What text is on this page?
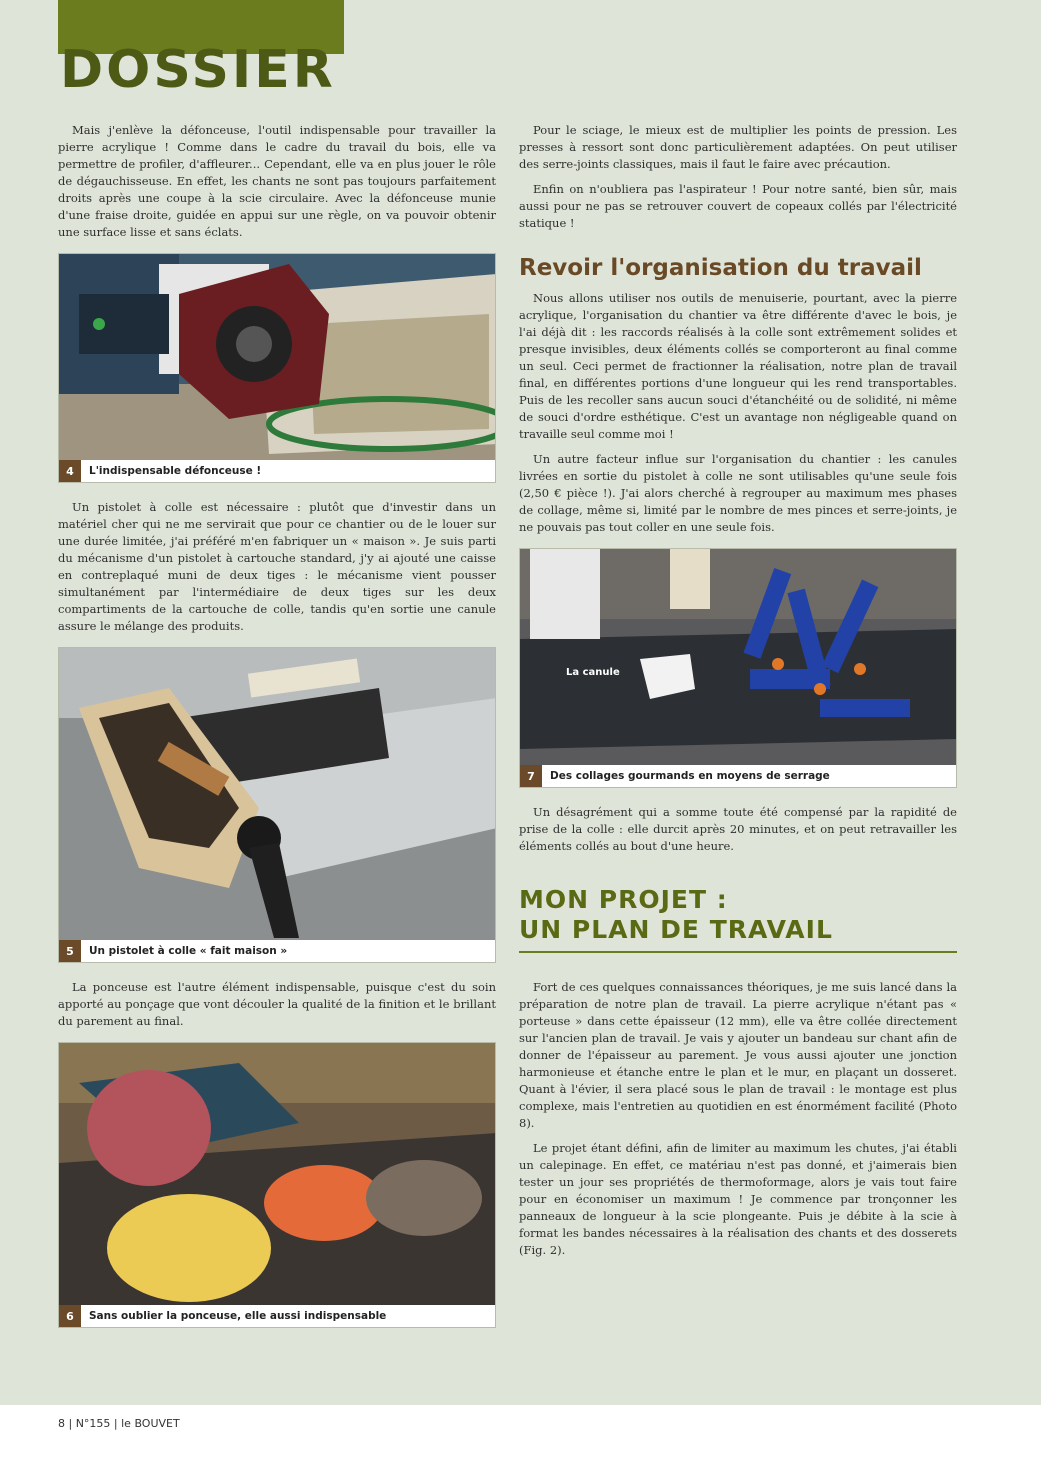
DOSSIER

Mais j'enlève la défonceuse, l'outil indispensable pour travailler la pierre acrylique ! Comme dans le cadre du travail du bois, elle va permettre de profiler, d'affleurer... Cependant, elle va en plus jouer le rôle de dégauchisseuse. En effet, les chants ne sont pas toujours parfaitement droits après une coupe à la scie circulaire. Avec la défonceuse munie d'une fraise droite, guidée en appui sur une règle, on va pouvoir obtenir une surface lisse et sans éclats.

4	L'indispensable défonceuse !

Un pistolet à colle est nécessaire : plutôt que d'investir dans un matériel cher qui ne me servirait que pour ce chantier ou de le louer sur une durée limitée, j'ai préféré m'en fabriquer un « maison ». Je suis parti du mécanisme d'un pistolet à cartouche standard, j'y ai ajouté une caisse en contreplaqué muni de deux tiges : le mécanisme vient pousser simultanément par l'intermédiaire de deux tiges sur les deux compartiments de la cartouche de colle, tandis qu'en sortie une canule assure le mélange des produits.

5	Un pistolet à colle « fait maison »

La ponceuse est l'autre élément indispensable, puisque c'est du soin apporté au ponçage que vont découler la qualité de la finition et le brillant du parement au final.

6	Sans oublier la ponceuse, elle aussi indispensable

Pour le sciage, le mieux est de multiplier les points de pression. Les presses à ressort sont donc particulièrement adaptées. On peut utiliser des serre-joints classiques, mais il faut le faire avec précaution.

Enfin on n'oubliera pas l'aspirateur ! Pour notre santé, bien sûr, mais aussi pour ne pas se retrouver couvert de copeaux collés par l'électricité statique !

Revoir l'organisation du travail

Nous allons utiliser nos outils de menuiserie, pourtant, avec la pierre acrylique, l'organisation du chantier va être différente d'avec le bois, je l'ai déjà dit : les raccords réalisés à la colle sont extrêmement solides et presque invisibles, deux éléments collés se comporteront au final comme un seul. Ceci permet de fractionner la réalisation, notre plan de travail final, en différentes portions d'une longueur qui les rend transportables. Puis de les recoller sans aucun souci d'étanchéité ou de solidité, ni même de souci d'ordre esthétique. C'est un avantage non négligeable quand on travaille seul comme moi !

Un autre facteur influe sur l'organisation du chantier : les canules livrées en sortie du pistolet à colle ne sont utilisables qu'une seule fois (2,50 € pièce !). J'ai alors cherché à regrouper au maximum mes phases de collage, même si, limité par le nombre de mes pinces et serre-joints, je ne pouvais pas tout coller en une seule fois.

La canule
7	Des collages gourmands en moyens de serrage

Un désagrément qui a somme toute été compensé par la rapidité de prise de la colle : elle durcit après 20 minutes, et on peut retravailler les éléments collés au bout d'une heure.

MON PROJET :
UN PLAN DE TRAVAIL

Fort de ces quelques connaissances théoriques, je me suis lancé dans la préparation de notre plan de travail. La pierre acrylique n'étant pas « porteuse » dans cette épaisseur (12 mm), elle va être collée directement sur l'ancien plan de travail. Je vais y ajouter un bandeau sur chant afin de donner de l'épaisseur au parement. Je vous aussi ajouter une jonction harmonieuse et étanche entre le plan et le mur, en plaçant un dosseret. Quant à l'évier, il sera placé sous le plan de travail : le montage est plus complexe, mais l'entretien au quotidien en est énormément facilité (Photo 8).

Le projet étant défini, afin de limiter au maximum les chutes, j'ai établi un calepinage. En effet, ce matériau n'est pas donné, et j'aimerais bien tester un jour ses propriétés de thermoformage, alors je vais tout faire pour en économiser un maximum ! Je commence par tronçonner les panneaux de longueur à la scie plongeante. Puis je débite à la scie à format les bandes nécessaires à la réalisation des chants et des dosserets (Fig. 2).

8 | N°155 | le BOUVET
